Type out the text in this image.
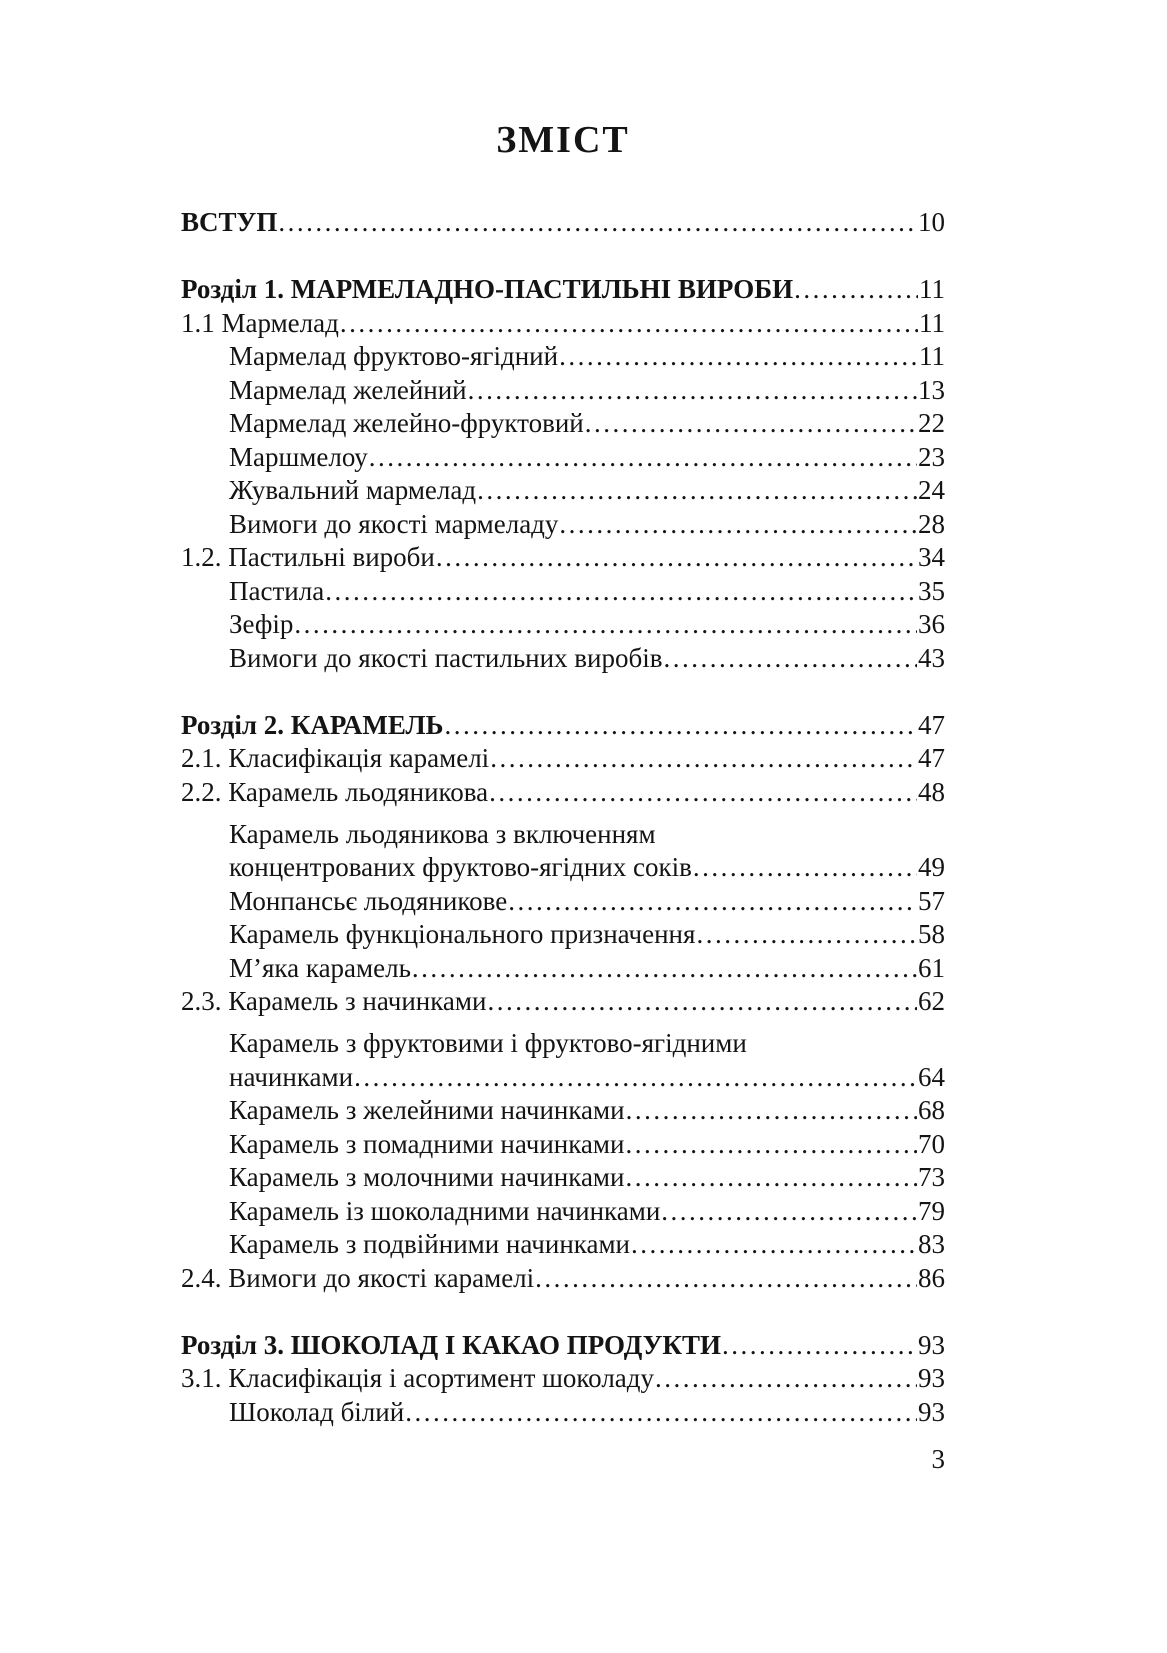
ЗМІСТ
ВСТУП .....	10
Розділ 1. МАРМЕЛАДНО-ПАСТИЛЬНІ ВИРОБИ .....	11
1.1 Мармелад .....	11
Мармелад фруктово-ягідний .....	11
Мармелад желейний .....	13
Мармелад желейно-фруктовий .....	22
Маршмелоу .....	23
Жувальний мармелад .....	24
Вимоги до якості мармеладу .....	28
1.2. Пастильні вироби .....	34
Пастила .....	35
Зефір .....	36
Вимоги до якості пастильних виробів .....	43
Розділ 2. КАРАМЕЛЬ .....	47
2.1. Класифікація карамелі .....	47
2.2. Карамель льодяникова .....	48
Карамель льодяникова з включенням
концентрованих фруктово-ягідних соків .....	49
Монпансьє льодяникове .....	57
Карамель функціонального призначення .....	58
М’яка карамель .....	61
2.3. Карамель з начинками .....	62
Карамель з фруктовими і фруктово-ягідними
начинками .....	64
Карамель з желейними начинками .....	68
Карамель з помадними начинками .....	70
Карамель з молочними начинками .....	73
Карамель із шоколадними начинками .....	79
Карамель з подвійними начинками .....	83
2.4. Вимоги до якості карамелі .....	86
Розділ 3. ШОКОЛАД І КАКАО ПРОДУКТИ .....	93
3.1. Класифікація і асортимент шоколаду .....	93
Шоколад білий .....	93
3
